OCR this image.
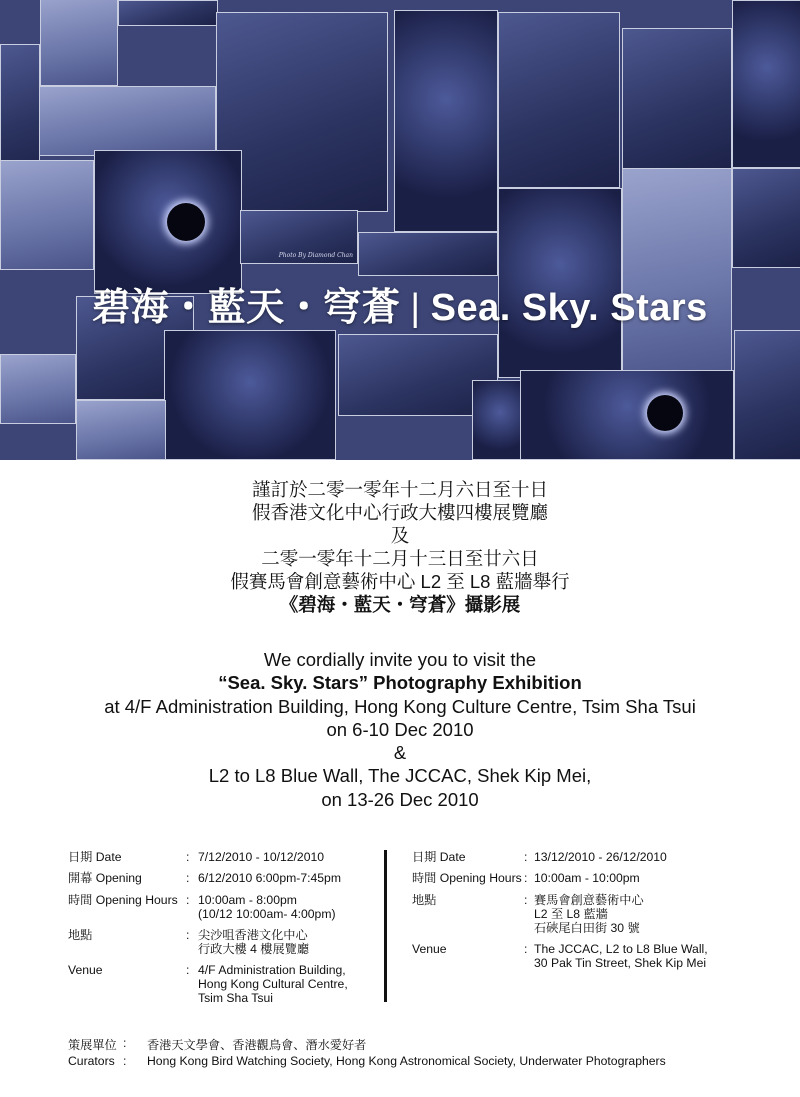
Photo By Diamond Chan
碧海・藍天・穹蒼 | Sea. Sky. Stars
謹訂於二零一零年十二月六日至十日
假香港文化中心行政大樓四樓展覽廳
及
二零一零年十二月十三日至廿六日
假賽馬會創意藝術中心 L2 至 L8 藍牆舉行
《碧海・藍天・穹蒼》攝影展
We cordially invite you to visit the
“Sea. Sky. Stars” Photography Exhibition
at 4/F Administration Building, Hong Kong Culture Centre, Tsim Sha Tsui
on 6-10 Dec 2010
&
L2 to L8 Blue Wall, The JCCAC, Shek Kip Mei,
on 13-26 Dec 2010
日期 Date	: 7/12/2010 - 10/12/2010
開幕 Opening	: 6/12/2010 6:00pm-7:45pm
時間 Opening Hours : 10:00am - 8:00pm
(10/12 10:00am- 4:00pm)
地點	: 尖沙咀香港文化中心
行政大樓 4 樓展覽廳
Venue	: 4/F Administration Building,
Hong Kong Cultural Centre,
Tsim Sha Tsui
日期 Date	: 13/12/2010 - 26/12/2010
時間 Opening Hours : 10:00am - 10:00pm
地點	: 賽馬會創意藝術中心
L2 至 L8 藍牆
石硤尾白田街 30 號
Venue	: The JCCAC, L2 to L8 Blue Wall,
30 Pak Tin Street, Shek Kip Mei
策展單位 : 香港天文學會、香港觀鳥會、潛水愛好者
Curators : Hong Kong Bird Watching Society, Hong Kong Astronomical Society, Underwater Photographers
